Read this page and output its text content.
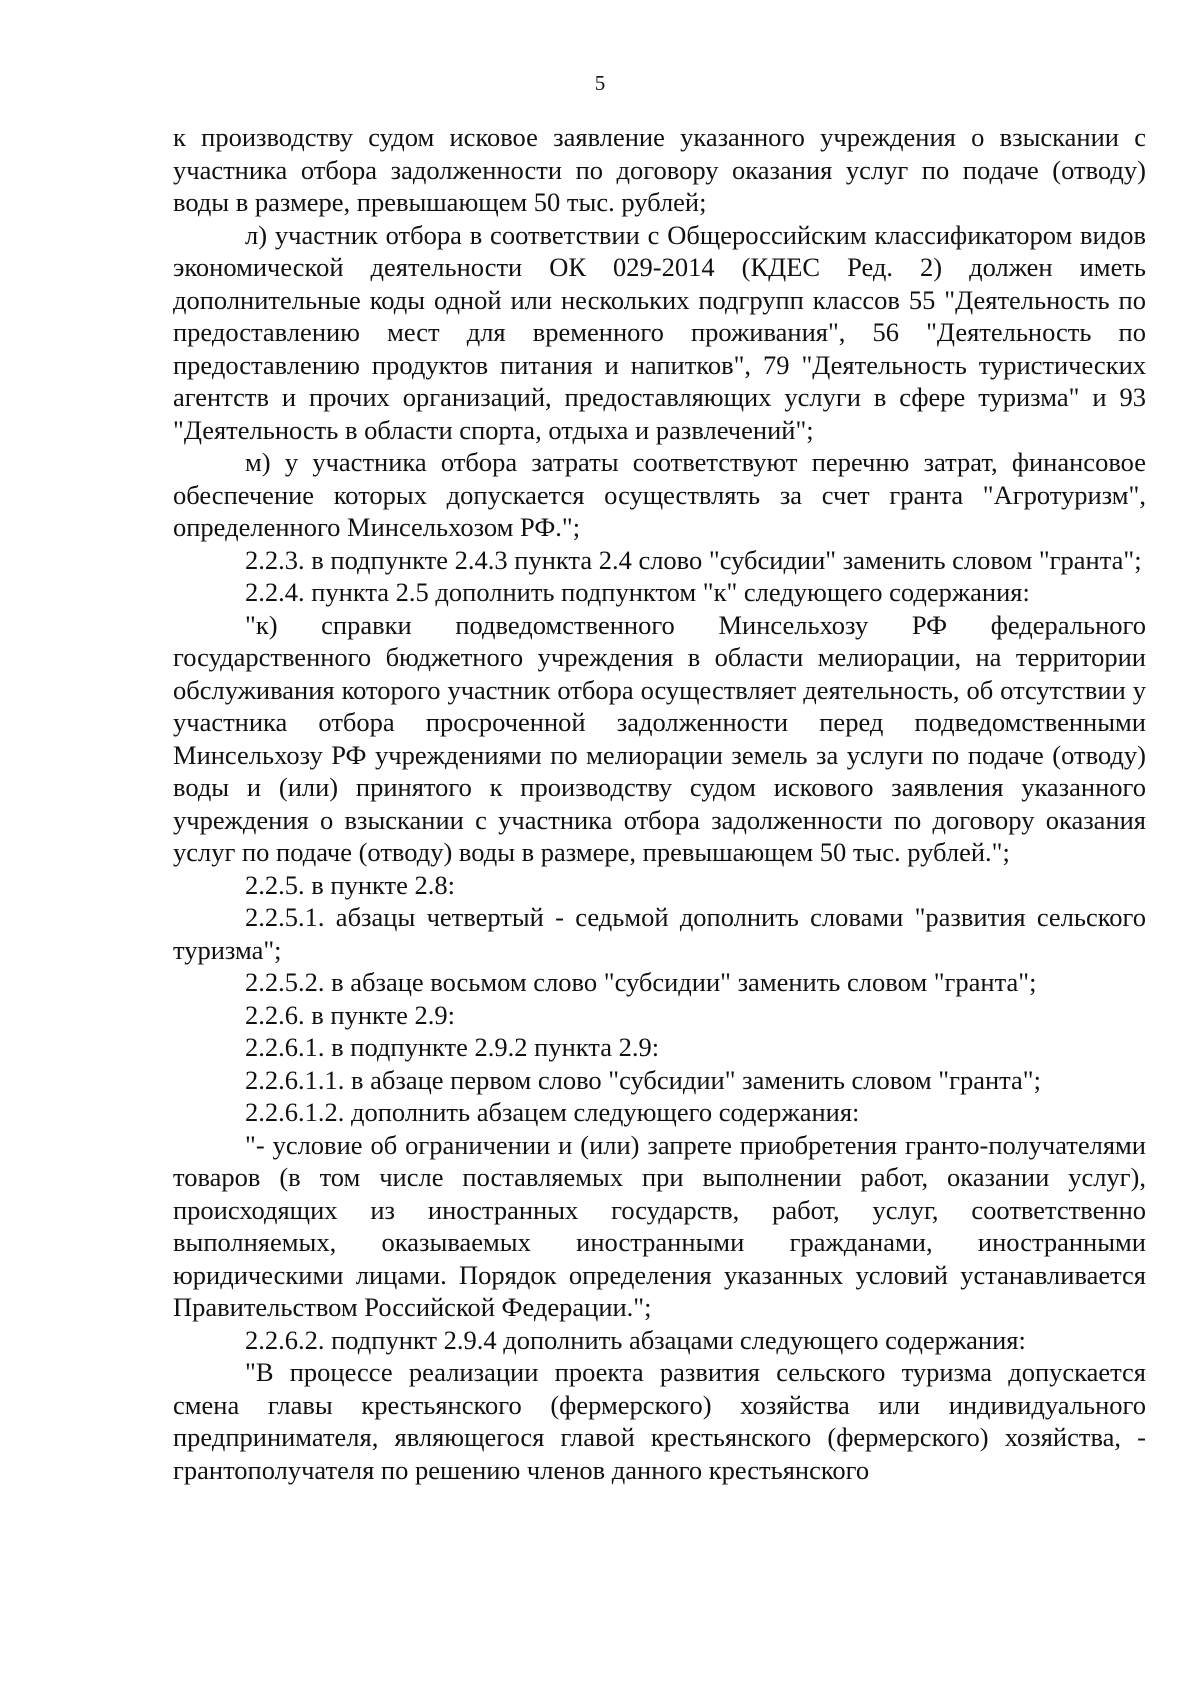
5

к производству судом исковое заявление указанного учреждения о взыскании с участника отбора задолженности по договору оказания услуг по подаче (отводу) воды в размере, превышающем 50 тыс. рублей;

л) участник отбора в соответствии с Общероссийским классификатором видов экономической деятельности ОК 029-2014 (КДЕС Ред. 2) должен иметь дополнительные коды одной или нескольких подгрупп классов 55 "Деятельность по предоставлению мест для временного проживания", 56 "Деятельность по предоставлению продуктов питания и напитков", 79 "Деятельность туристических агентств и прочих организаций, предоставляющих услуги в сфере туризма" и 93 "Деятельность в области спорта, отдыха и развлечений";

м) у участника отбора затраты соответствуют перечню затрат, финансовое обеспечение которых допускается осуществлять за счет гранта "Агротуризм", определенного Минсельхозом РФ.";

2.2.3. в подпункте 2.4.3 пункта 2.4 слово "субсидии" заменить словом "гранта";

2.2.4. пункта 2.5 дополнить подпунктом "к" следующего содержания:

"к) справки подведомственного Минсельхозу РФ федерального государственного бюджетного учреждения в области мелиорации, на территории обслуживания которого участник отбора осуществляет деятельность, об отсутствии у участника отбора просроченной задолженности перед подведомственными Минсельхозу РФ учреждениями по мелиорации земель за услуги по подаче (отводу) воды и (или) принятого к производству судом искового заявления указанного учреждения о взыскании с участника отбора задолженности по договору оказания услуг по подаче (отводу) воды в размере, превышающем 50 тыс. рублей.";

2.2.5. в пункте 2.8:

2.2.5.1. абзацы четвертый - седьмой дополнить словами "развития сельского туризма";

2.2.5.2. в абзаце восьмом слово "субсидии" заменить словом "гранта";

2.2.6. в пункте 2.9:

2.2.6.1. в подпункте 2.9.2 пункта 2.9:

2.2.6.1.1. в абзаце первом слово "субсидии" заменить словом "гранта";

2.2.6.1.2. дополнить абзацем следующего содержания:

"- условие об ограничении и (или) запрете приобретения гранто-получателями товаров (в том числе поставляемых при выполнении работ, оказании услуг), происходящих из иностранных государств, работ, услуг, соответственно выполняемых, оказываемых иностранными гражданами, иностранными юридическими лицами. Порядок определения указанных условий устанавливается Правительством Российской Федерации.";

2.2.6.2. подпункт 2.9.4 дополнить абзацами следующего содержания:

"В процессе реализации проекта развития сельского туризма допускается смена главы крестьянского (фермерского) хозяйства или индивидуального предпринимателя, являющегося главой крестьянского (фермерского) хозяйства, - грантополучателя по решению членов данного крестьянского
